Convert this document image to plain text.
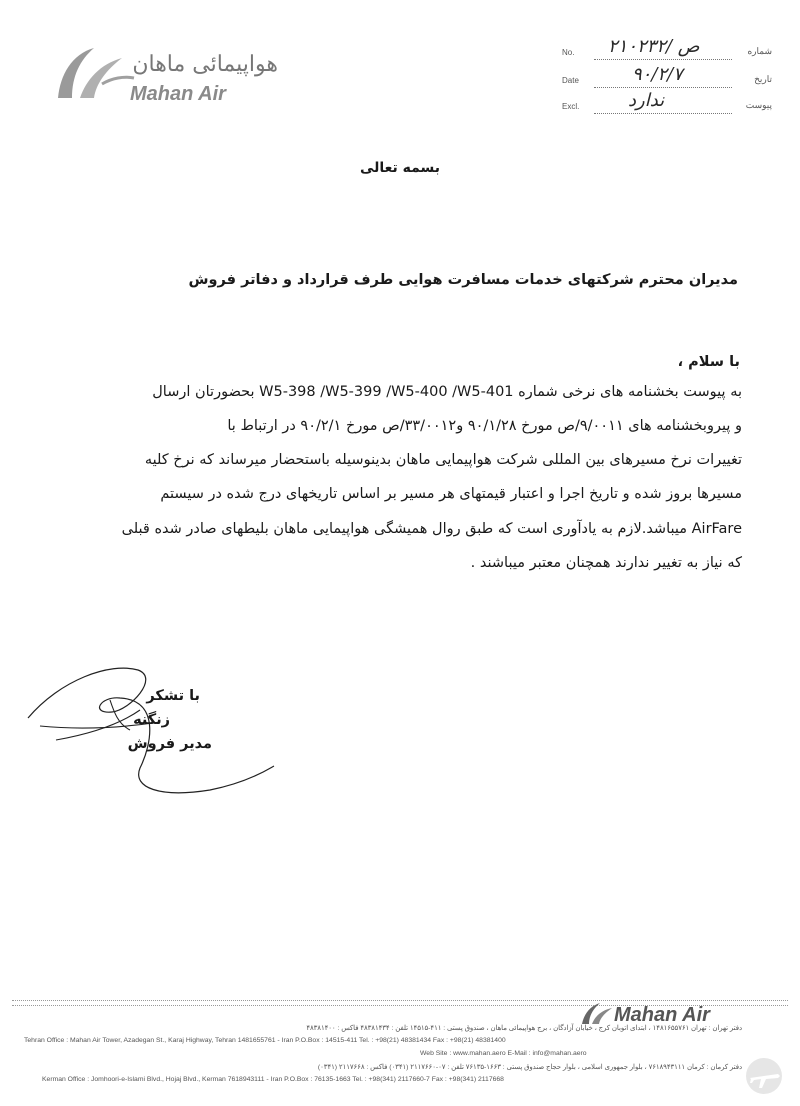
هواپیمائی ماهان
Mahan Air
No. ۲۱۰۲۳۲/ ص	شماره
Date	۹۰/۲/۷	تاریخ
Excl.	ندارد	پیوست
بسمه تعالی
مدیران محترم شرکتهای خدمات مسافرت هوایی طرف قرارداد و دفاتر فروش
با سلام ،
به پیوست بخشنامه های نرخی شماره W5-398 /W5-399 /W5-400 /W5-401 بحضورتان ارسال
و پیروبخشنامه های ۹/۰۰۱۱/ص مورخ ۹۰/۱/۲۸ و۳۳/۰۰۱۲/ص مورخ ۹۰/۲/۱ در ارتباط با
تغییرات نرخ مسیرهای بین المللی شرکت هواپیمایی ماهان بدینوسیله باستحضار میرساند که نرخ کلیه
مسیرها بروز شده و تاریخ اجرا و اعتبار قیمتهای هر مسیر بر اساس تاریخهای درج شده در سیستم
AirFare میباشد.لازم به یادآوری است که طبق روال همیشگی هواپیمایی ماهان بلیطهای صادر شده قبلی
که نیاز به تغییر ندارند همچنان معتبر میباشند .
با تشکر
زنگنه
مدیر فروش
Mahan Air
دفتر تهران : تهران ۱۴۸۱۶۵۵۷۶۱ ، ابتدای اتوبان کرج ، خیابان آزادگان ، برج هواپیمائی ماهان ، صندوق پستی : ۴۱۱-۱۴۵۱۵ تلفن : ۴۸۳۸۱۴۳۴ فاکس : ۴۸۳۸۱۴۰۰
Tehran Office : Mahan Air Tower, Azadegan St., Karaj Highway, Tehran 1481655761 - Iran P.O.Box : 14515-411 Tel. : +98(21) 48381434 Fax : +98(21) 48381400
Web Site : www.mahan.aero E-Mail : info@mahan.aero
دفتر کرمان : کرمان ۷۶۱۸۹۴۳۱۱۱ ، بلوار جمهوری اسلامی ، بلوار حجاج صندوق پستی : ۱۶۶۳-۷۶۱۳۵ تلفن : ۰۷-۲۱۱۷۶۶۰ (۰۳۴۱) فاکس : ۲۱۱۷۶۶۸ (۰۳۴۱)
Kerman Office : Jomhoori-e-Islami Blvd., Hojaj Blvd., Kerman 7618943111 - Iran P.O.Box : 76135-1663 Tel. : +98(341) 2117660-7 Fax : +98(341) 2117668
